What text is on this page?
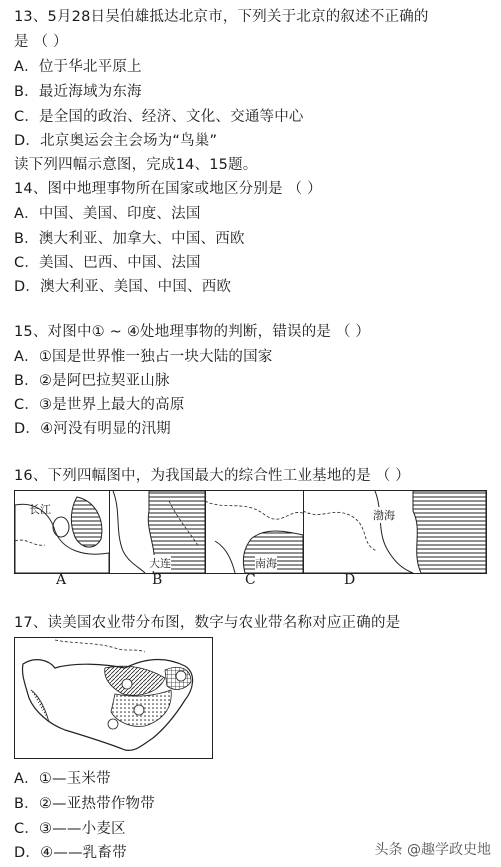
13、5月28日吴伯雄抵达北京市，下列关于北京的叙述不正确的
是 （ ）
A．位于华北平原上
B．最近海域为东海
C．是全国的政治、经济、文化、交通等中心
D．北京奥运会主会场为“鸟巢”
读下列四幅示意图，完成14、15题。
14、图中地理事物所在国家或地区分别是 （ ）
A．中国、美国、印度、法国
B．澳大利亚、加拿大、中国、西欧
C．美国、巴西、中国、法国
D．澳大利亚、美国、中国、西欧
15、对图中① ~ ④处地理事物的判断，错误的是 （ ）
A．①国是世界惟一独占一块大陆的国家
B．②是阿巴拉契亚山脉
C．③是世界上最大的高原
D．④河没有明显的汛期
16、下列四幅图中，为我国最大的综合性工业基地的是 （ ）
长江
大连	南海
渤海
A	B	C	D
17、读美国农业带分布图，数字与农业带名称对应正确的是
A．①—玉米带
B．②—亚热带作物带
C．③——小麦区
D．④——乳畜带	头条 @趣学政史地
